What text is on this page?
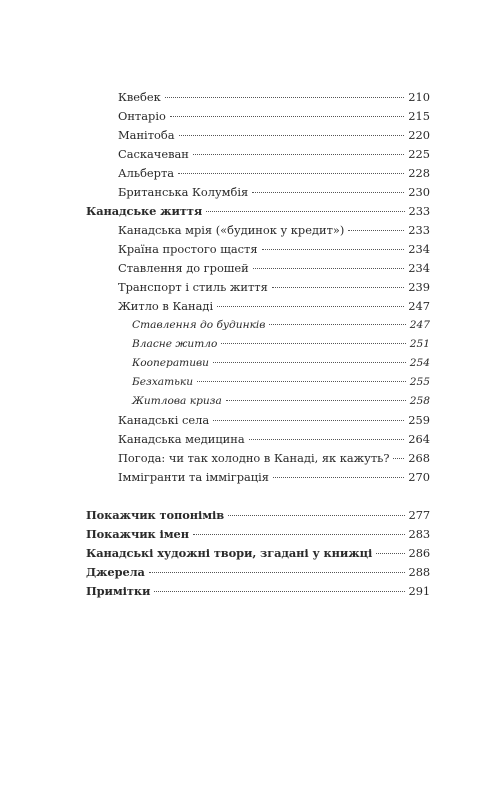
Квебек	210
Онтаріо	215
Манітоба	220
Саскачеван	225
Альберта	228
Британська Колумбія	230
Канадське життя	233
Канадська мрія («будинок у кредит»)	233
Країна простого щастя	234
Ставлення до грошей	234
Транспорт і стиль життя	239
Житло в Канаді	247
Ставлення до будинків	247
Власне житло	251
Кооперативи	254
Безхатьки	255
Житлова криза	258
Канадські села	259
Канадська медицина	264
Погода: чи так холодно в Канаді, як кажуть? 268
Іммігранти та імміграція	270
Покажчик топонімів	277
Покажчик імен	283
Канадські художні твори, згадані у книжці	286
Джерела	288
Примітки	291
